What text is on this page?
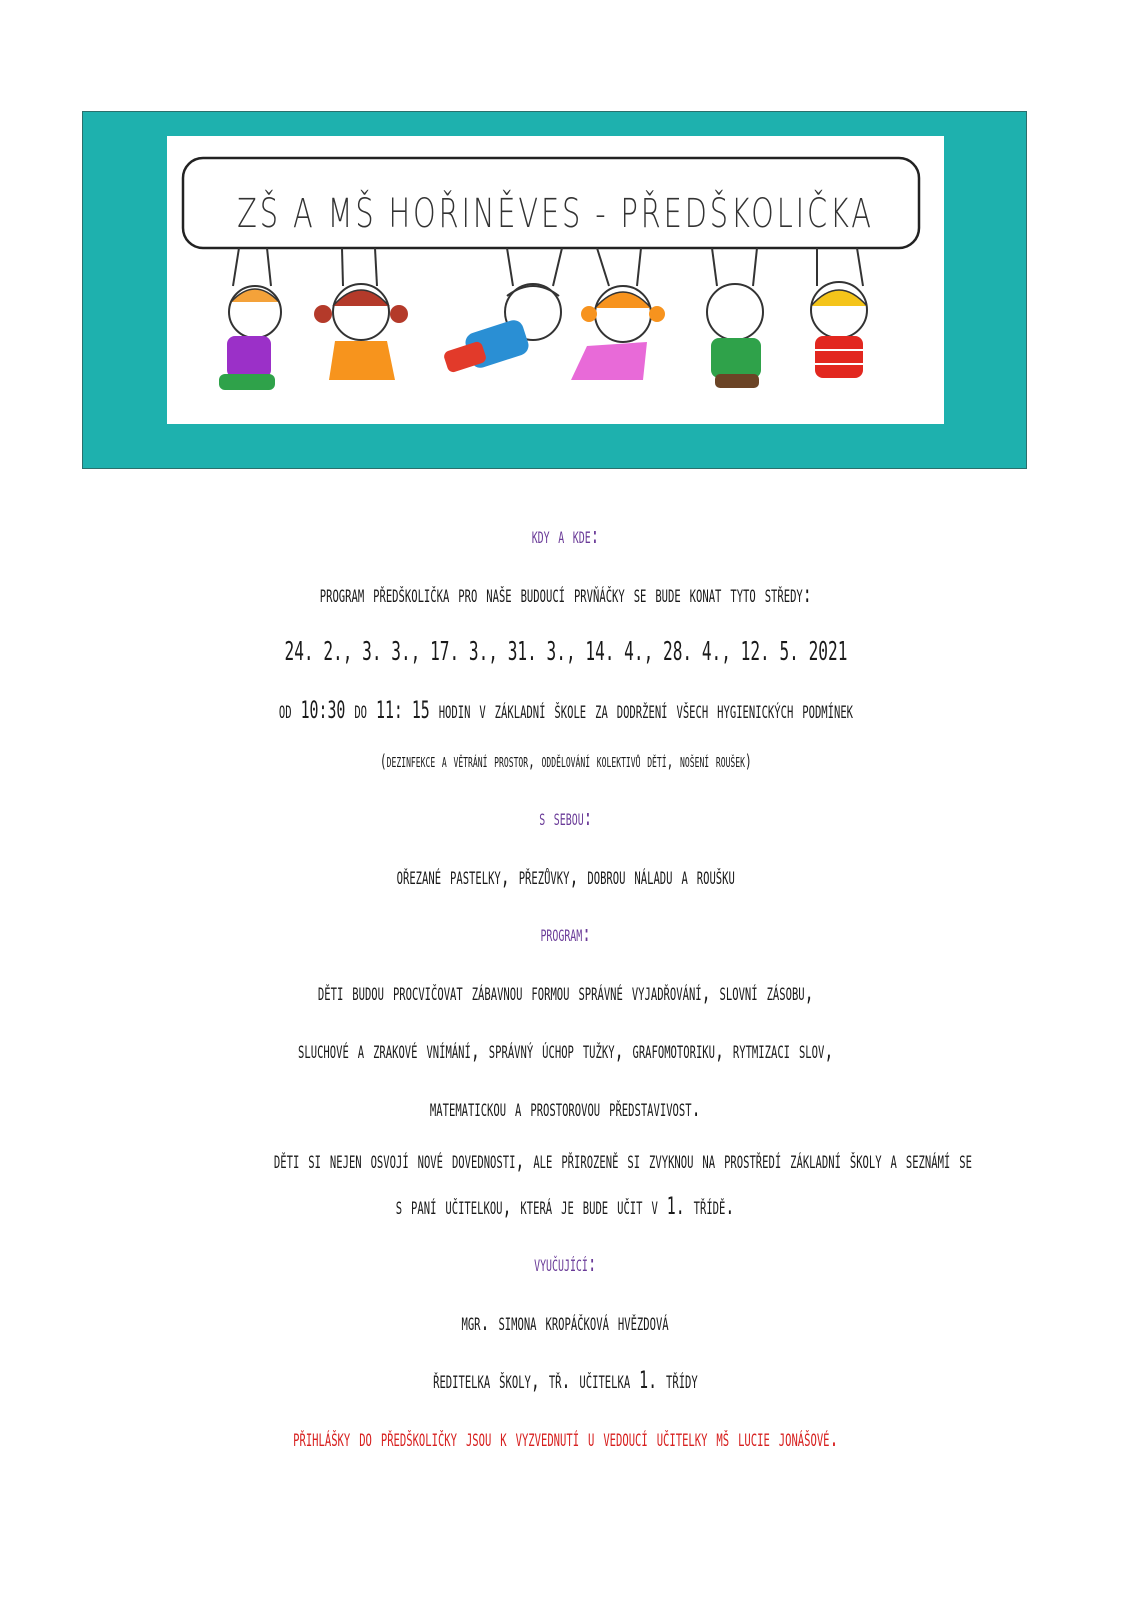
ZŠ A MŠ HOŘINĚVES - PŘEDŠKOLIČKA
kdy a kde:
program předškolička pro naše budoucí prvňáčky se bude konat tyto středy:
24. 2., 3. 3., 17. 3., 31. 3., 14. 4., 28. 4., 12. 5. 2021
od 10:30 do 11: 15 hodin v základní škole za dodržení všech hygienických podmínek
(dezinfekce a větrání prostor, oddělování kolektivů dětí, nošení roušek)
s sebou:
ořezané pastelky, přezůvky, dobrou náladu a roušku
program:
děti budou procvičovat zábavnou formou správné vyjadřování, slovní zásobu,
sluchové a zrakové vnímání, správný úchop tužky, grafomotoriku, rytmizaci slov,
matematickou a prostorovou představivost.
děti si nejen osvojí nové dovednosti, ale přirozeně si zvyknou na prostředí základní školy a seznámí se
s paní učitelkou, která je bude učit v 1. třídě.
vyučující:
mgr. simona kropáčková hvězdová
ředitelka školy, tř. učitelka 1. třídy
přihlášky do předškoličky jsou k vyzvednutí u vedoucí učitelky mš lucie jonášové.
